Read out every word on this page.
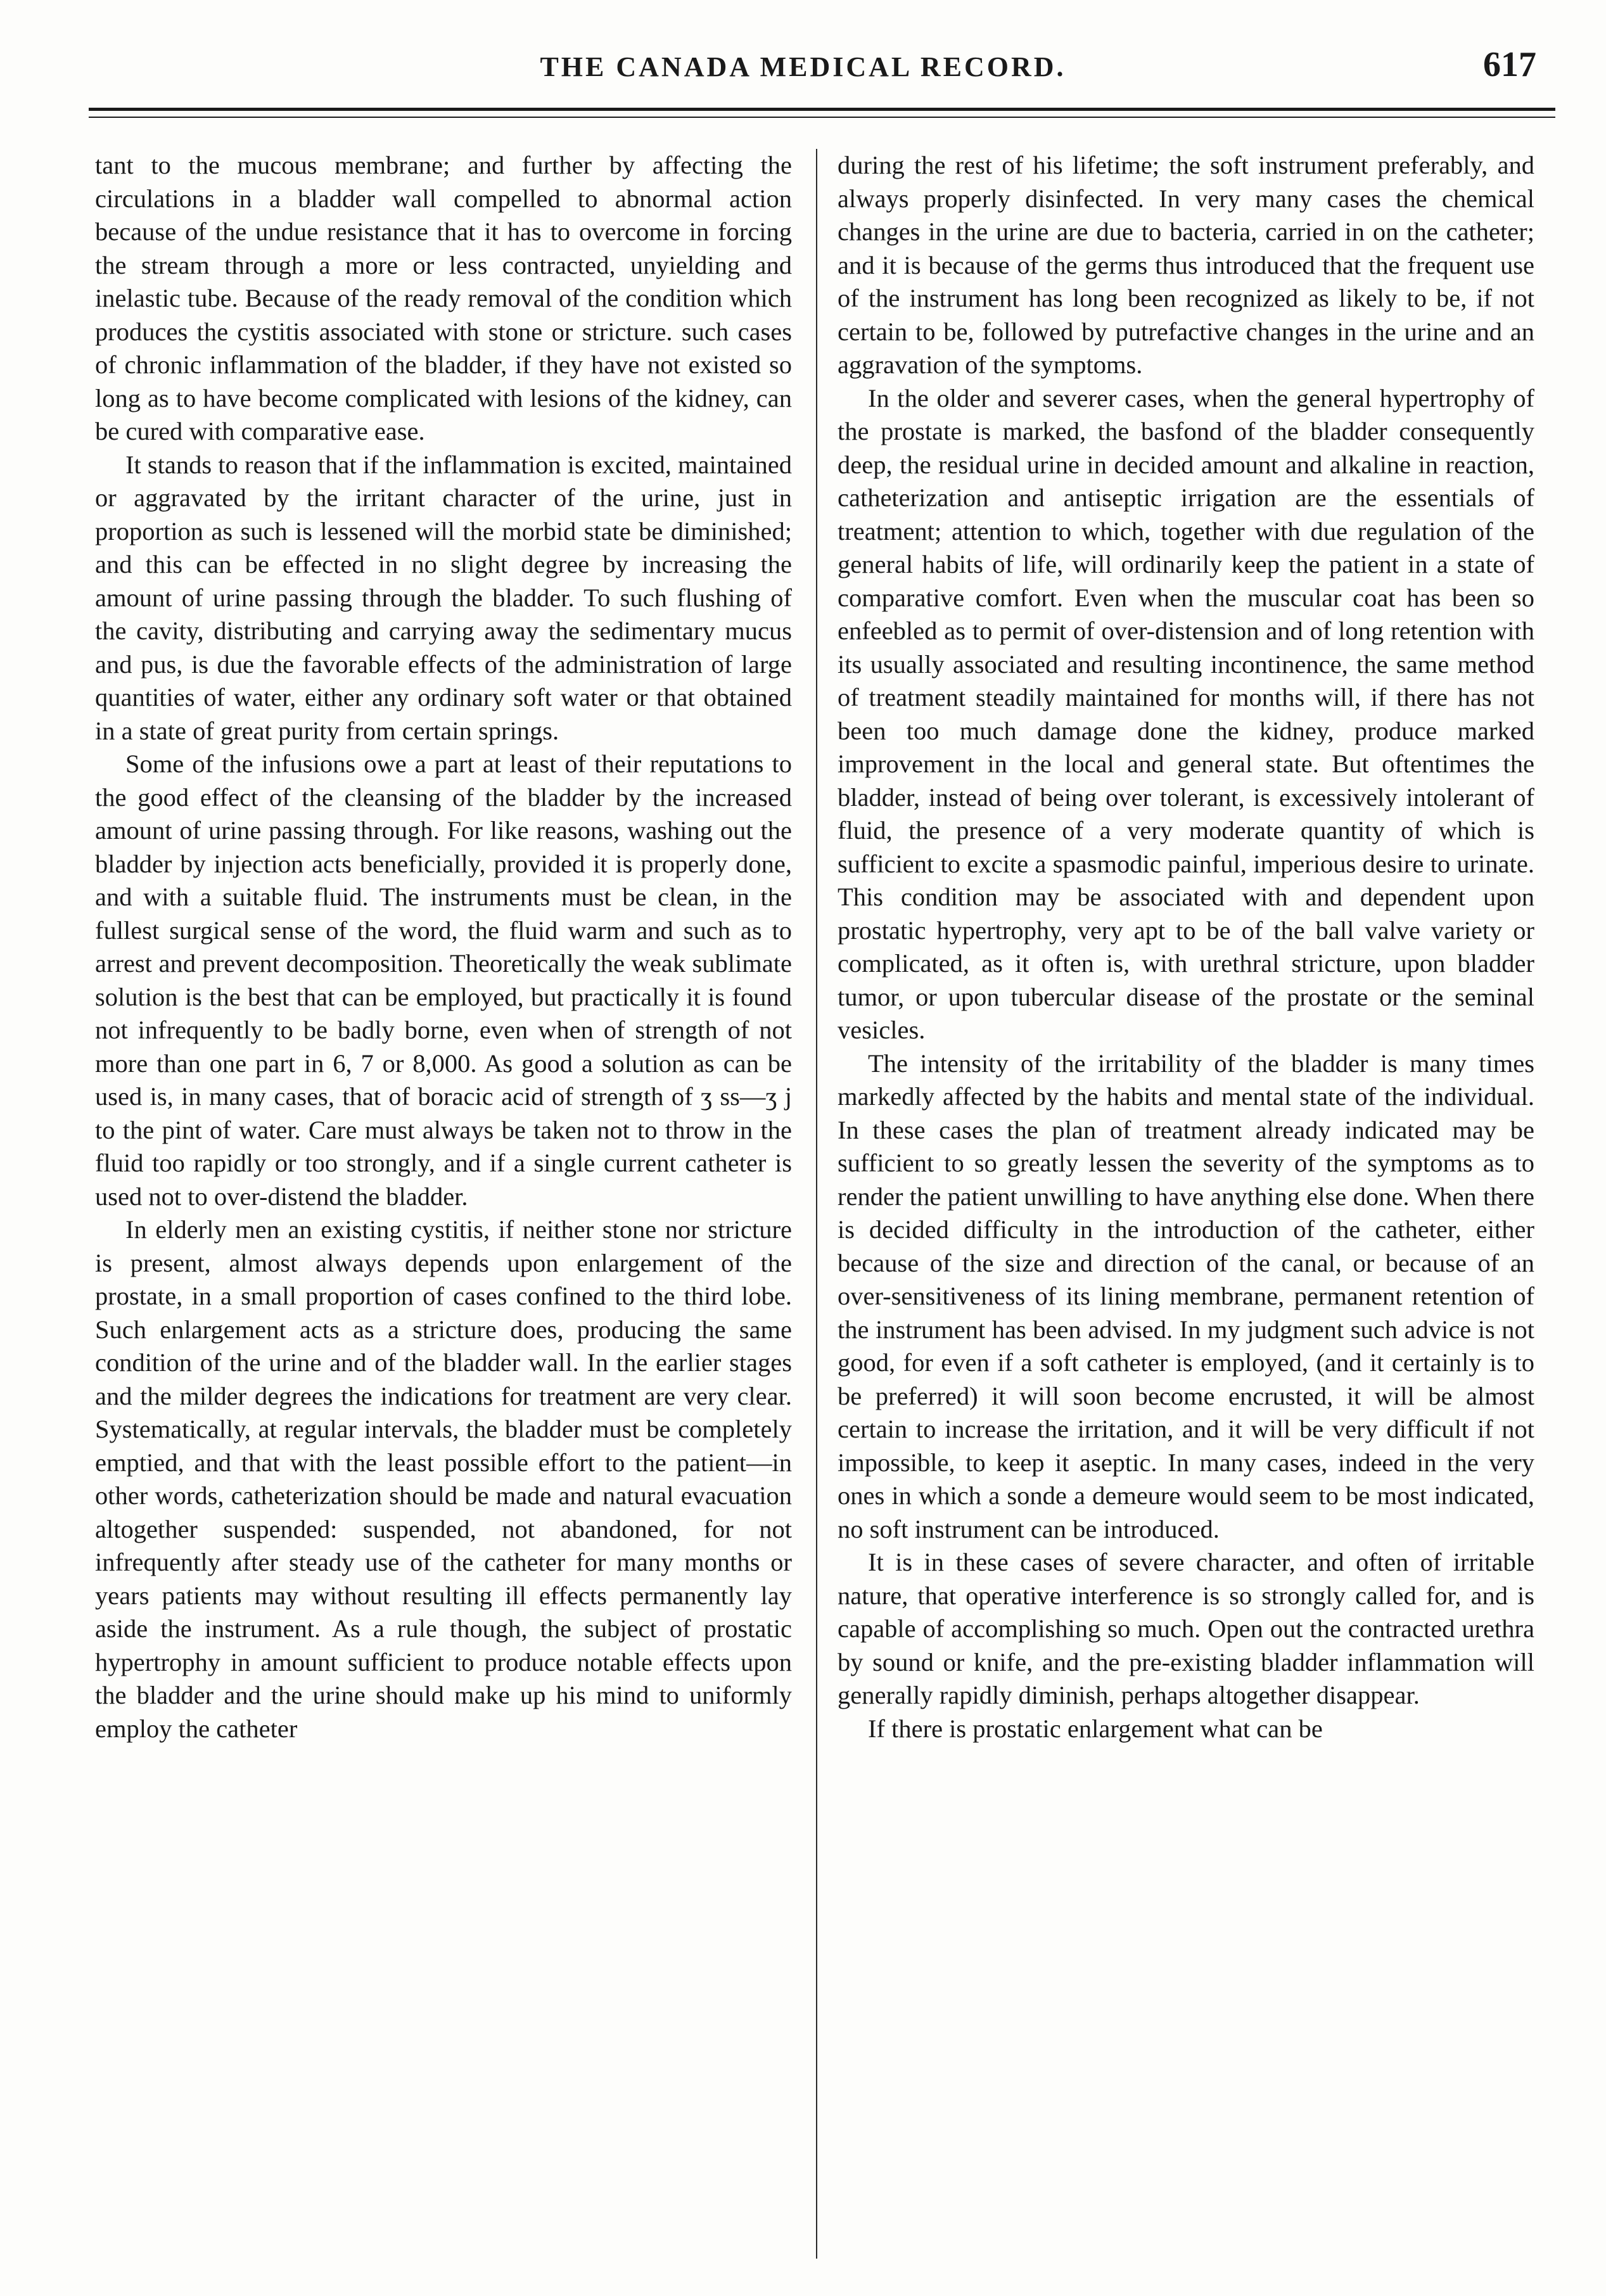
THE CANADA MEDICAL RECORD.	617

tant to the mucous membrane; and further by affecting the circulations in a bladder wall compelled to abnormal action because of the undue resistance that it has to overcome in forcing the stream through a more or less contracted, unyielding and inelastic tube. Because of the ready removal of the condition which produces the cystitis associated with stone or stricture. such cases of chronic inflammation of the bladder, if they have not existed so long as to have become complicated with lesions of the kidney, can be cured with comparative ease.

It stands to reason that if the inflammation is excited, maintained or aggravated by the irritant character of the urine, just in proportion as such is lessened will the morbid state be diminished; and this can be effected in no slight degree by increasing the amount of urine passing through the bladder. To such flushing of the cavity, distributing and carrying away the sedimentary mucus and pus, is due the favorable effects of the administration of large quantities of water, either any ordinary soft water or that obtained in a state of great purity from certain springs.

Some of the infusions owe a part at least of their reputations to the good effect of the cleansing of the bladder by the increased amount of urine passing through. For like reasons, washing out the bladder by injection acts beneficially, provided it is properly done, and with a suitable fluid. The instruments must be clean, in the fullest surgical sense of the word, the fluid warm and such as to arrest and prevent decomposition. Theoretically the weak sublimate solution is the best that can be employed, but practically it is found not infrequently to be badly borne, even when of strength of not more than one part in 6, 7 or 8,000. As good a solution as can be used is, in many cases, that of boracic acid of strength of ʒ ss—ʒ j to the pint of water. Care must always be taken not to throw in the fluid too rapidly or too strongly, and if a single current catheter is used not to over-distend the bladder.

In elderly men an existing cystitis, if neither stone nor stricture is present, almost always depends upon enlargement of the prostate, in a small proportion of cases confined to the third lobe. Such enlargement acts as a stricture does, producing the same condition of the urine and of the bladder wall. In the earlier stages and the milder degrees the indications for treatment are very clear. Systematically, at regular intervals, the bladder must be completely emptied, and that with the least possible effort to the patient—in other words, catheterization should be made and natural evacuation altogether suspended: suspended, not abandoned, for not infrequently after steady use of the catheter for many months or years patients may without resulting ill effects permanently lay aside the instrument. As a rule though, the subject of prostatic hypertrophy in amount sufficient to produce notable effects upon the bladder and the urine should make up his mind to uniformly employ the catheter

during the rest of his lifetime; the soft instrument preferably, and always properly disinfected. In very many cases the chemical changes in the urine are due to bacteria, carried in on the catheter; and it is because of the germs thus introduced that the frequent use of the instrument has long been recognized as likely to be, if not certain to be, followed by putrefactive changes in the urine and an aggravation of the symptoms.

In the older and severer cases, when the general hypertrophy of the prostate is marked, the basfond of the bladder consequently deep, the residual urine in decided amount and alkaline in reaction, catheterization and antiseptic irrigation are the essentials of treatment; attention to which, together with due regulation of the general habits of life, will ordinarily keep the patient in a state of comparative comfort. Even when the muscular coat has been so enfeebled as to permit of over-distension and of long retention with its usually associated and resulting incontinence, the same method of treatment steadily maintained for months will, if there has not been too much damage done the kidney, produce marked improvement in the local and general state. But oftentimes the bladder, instead of being over tolerant, is excessively intolerant of fluid, the presence of a very moderate quantity of which is sufficient to excite a spasmodic painful, imperious desire to urinate. This condition may be associated with and dependent upon prostatic hypertrophy, very apt to be of the ball valve variety or complicated, as it often is, with urethral stricture, upon bladder tumor, or upon tubercular disease of the prostate or the seminal vesicles.

The intensity of the irritability of the bladder is many times markedly affected by the habits and mental state of the individual. In these cases the plan of treatment already indicated may be sufficient to so greatly lessen the severity of the symptoms as to render the patient unwilling to have anything else done. When there is decided difficulty in the introduction of the catheter, either because of the size and direction of the canal, or because of an over-sensitiveness of its lining membrane, permanent retention of the instrument has been advised. In my judgment such advice is not good, for even if a soft catheter is employed, (and it certainly is to be preferred) it will soon become encrusted, it will be almost certain to increase the irritation, and it will be very difficult if not impossible, to keep it aseptic. In many cases, indeed in the very ones in which a sonde a demeure would seem to be most indicated, no soft instrument can be introduced.

It is in these cases of severe character, and often of irritable nature, that operative interference is so strongly called for, and is capable of accomplishing so much. Open out the contracted urethra by sound or knife, and the pre-existing bladder inflammation will generally rapidly diminish, perhaps altogether disappear.

If there is prostatic enlargement what can be
